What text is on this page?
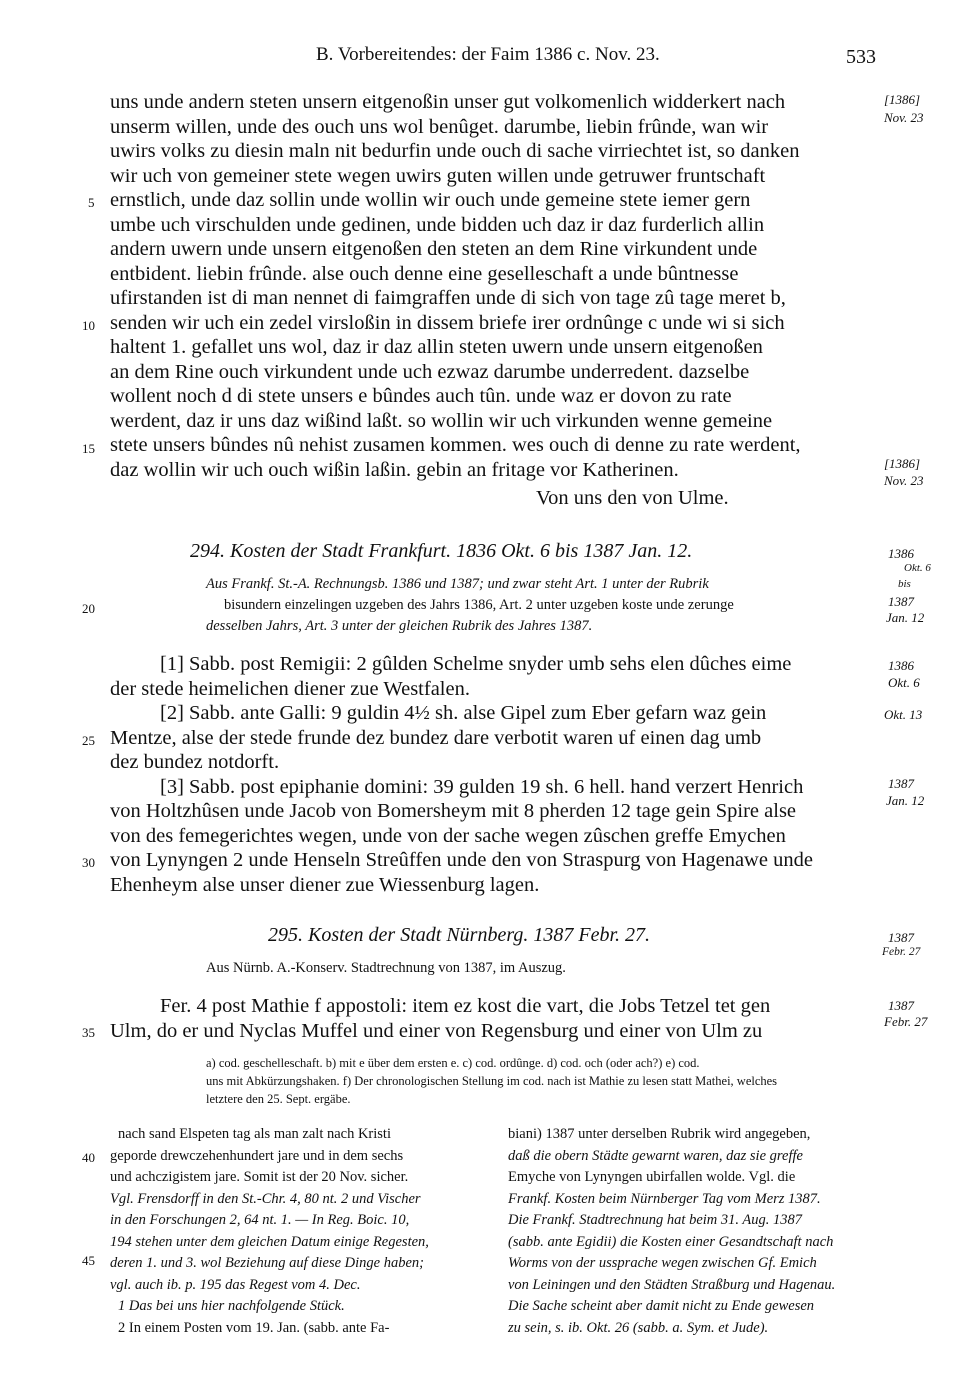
B. Vorbereitendes: der Faim 1386 c. Nov. 23.	533
uns unde andern steten unsern eitgenoßin unser gut volkomenlich widderkert nach
unserm willen, unde des ouch uns wol benûget. darumbe, liebin frûnde, wan wir
uwirs volks zu diesin maln nit bedurfin unde ouch di sache virriechtet ist, so danken
wir uch von gemeiner stete wegen uwirs guten willen unde getruwer fruntschaft
ernstlich, unde daz sollin unde wollin wir ouch unde gemeine stete iemer gern
umbe uch virschulden unde gedinen, unde bidden uch daz ir daz furderlich allin
andern uwern unde unsern eitgenoßen den steten an dem Rine virkundent unde
entbident. liebin frûnde. alse ouch denne eine geselleschaft a unde bûntnesse
ufirstanden ist di man nennet di faimgraffen unde di sich von tage zû tage meret b,
senden wir uch ein zedel virsloßin in dissem briefe irer ordnûnge c unde wi si sich
haltent 1. gefallet uns wol, daz ir daz allin steten uwern unde unsern eitgenoßen
an dem Rine ouch virkundent unde uch ezwaz darumbe underredent. dazselbe
wollent noch d di stete unsers e bûndes auch tûn. unde waz er dovon zu rate
werdent, daz ir uns daz wißind laßt. so wollin wir uch virkunden wenne gemeine
stete unsers bûndes nû nehist zusamen kommen. wes ouch di denne zu rate werdent,
daz wollin wir uch ouch wißin laßin. gebin an fritage vor Katherinen.
Von uns den von Ulme.
[1386]
Nov. 23
[1386]
Nov. 23
5
10
15
20
25
30
35
40
45
294. Kosten der Stadt Frankfurt. 1836 Okt. 6 bis 1387 Jan. 12.	1386
Okt. 6
bis
1387
Jan. 12
Aus Frankf. St.-A. Rechnungsb. 1386 und 1387; und zwar steht Art. 1 unter der Rubrik
bisundern einzelingen uzgeben des Jahrs 1386, Art. 2 unter uzgeben koste unde zerunge
desselben Jahrs, Art. 3 unter der gleichen Rubrik des Jahres 1387.
[1] Sabb. post Remigii: 2 gûlden Schelme snyder umb sehs elen dûches eime
der stede heimelichen diener zue Westfalen.
[2] Sabb. ante Galli: 9 guldin 4½ sh. alse Gipel zum Eber gefarn waz gein
Mentze, alse der stede frunde dez bundez dare verbotit waren uf einen dag umb
dez bundez notdorft.
[3] Sabb. post epiphanie domini: 39 gulden 19 sh. 6 hell. hand verzert Henrich
von Holtzhûsen unde Jacob von Bomersheym mit 8 pherden 12 tage gein Spire alse
von des femegerichtes wegen, unde von der sache wegen zûschen greffe Emychen
von Lynyngen 2 unde Henseln Streûffen unde den von Straspurg von Hagenawe unde
Ehenheym alse unser diener zue Wiessenburg lagen.
1386
Okt. 6
Okt. 13
1387
Jan. 12
295. Kosten der Stadt Nürnberg. 1387 Febr. 27.	1387
Febr. 27
Aus Nürnb. A.-Konserv. Stadtrechnung von 1387, im Auszug.
Fer. 4 post Mathie f appostoli: item ez kost die vart, die Jobs Tetzel tet gen
Ulm, do er und Nyclas Muffel und einer von Regensburg und einer von Ulm zu
1387
Febr. 27
a) cod. geschelleschaft. b) mit e über dem ersten e. c) cod. ordûnge. d) cod. och (oder ach?) e) cod.
uns mit Abkürzungshaken. f) Der chronologischen Stellung im cod. nach ist Mathie zu lesen statt Mathei, welches
letztere den 25. Sept. ergäbe.
nach sand Elspeten tag als man zalt nach Kristi
geporde drewczehenhundert jare und in dem sechs
und achczigistem jare. Somit ist der 20 Nov. sicher.
Vgl. Frensdorff in den St.-Chr. 4, 80 nt. 2 und Vischer
in den Forschungen 2, 64 nt. 1. — In Reg. Boic. 10,
194 stehen unter dem gleichen Datum einige Regesten,
deren 1. und 3. wol Beziehung auf diese Dinge haben;
vgl. auch ib. p. 195 das Regest vom 4. Dec.
1 Das bei uns hier nachfolgende Stück.
2 In einem Posten vom 19. Jan. (sabb. ante Fa-
biani) 1387 unter derselben Rubrik wird angegeben,
daß die obern Städte gewarnt waren, daz sie greffe
Emyche von Lynyngen ubirfallen wolde. Vgl. die
Frankf. Kosten beim Nürnberger Tag vom Merz 1387.
Die Frankf. Stadtrechnung hat beim 31. Aug. 1387
(sabb. ante Egidii) die Kosten einer Gesandtschaft nach
Worms von der ussprache wegen zwischen Gf. Emich
von Leiningen und den Städten Straßburg und Hagenau.
Die Sache scheint aber damit nicht zu Ende gewesen
zu sein, s. ib. Okt. 26 (sabb. a. Sym. et Jude).
